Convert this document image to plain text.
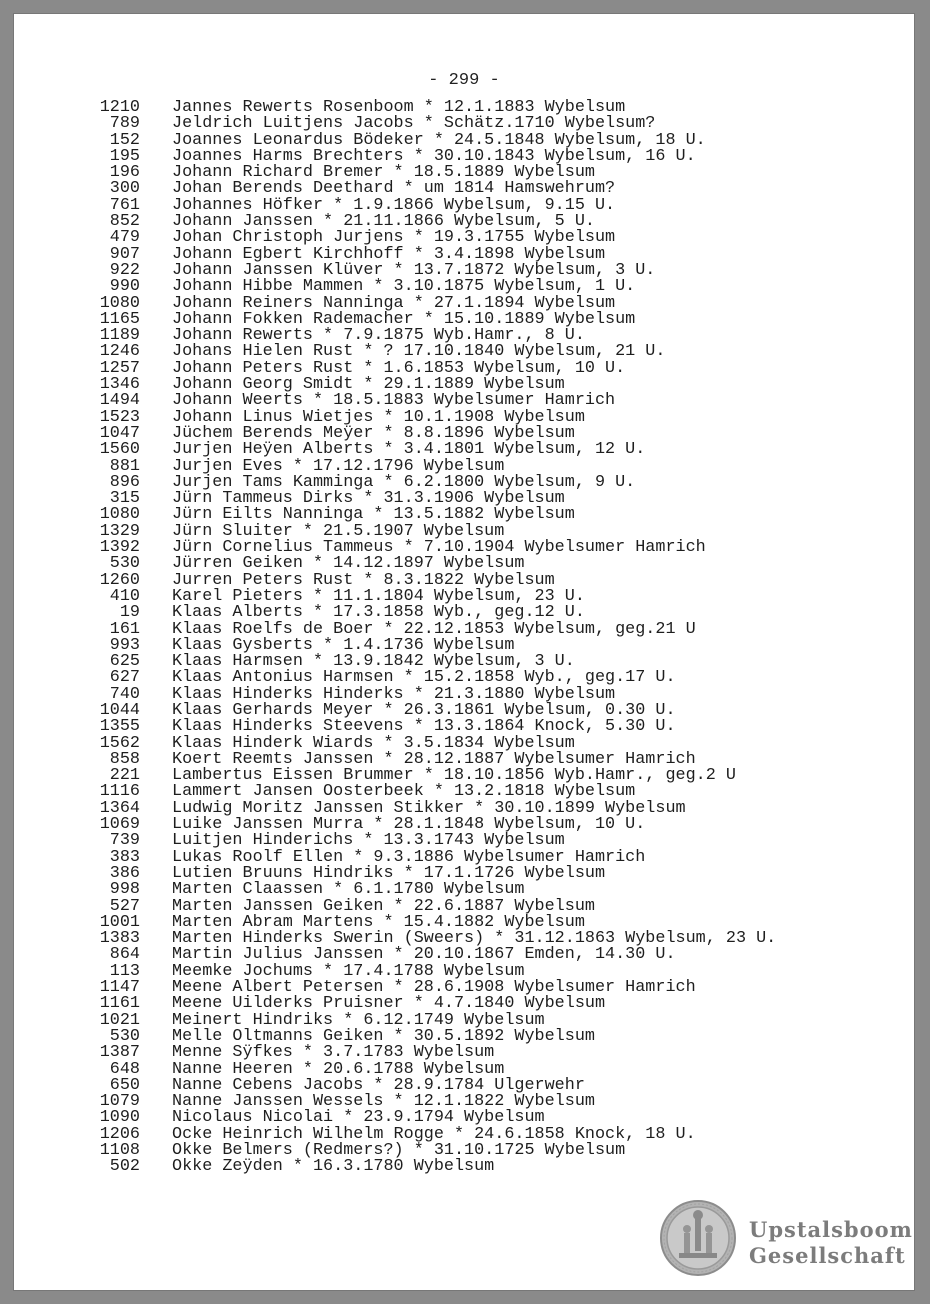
- 299 -
1210 Jannes Rewerts Rosenboom * 12.1.1883 Wybelsum
789 Jeldrich Luitjens Jacobs * Schätz.1710 Wybelsum?
152 Joannes Leonardus Bödeker * 24.5.1848 Wybelsum, 18 U.
195 Joannes Harms Brechters * 30.10.1843 Wybelsum, 16 U.
196 Johann Richard Bremer * 18.5.1889 Wybelsum
300 Johan Berends Deethard * um 1814 Hamswehrum?
761 Johannes Höfker * 1.9.1866 Wybelsum, 9.15 U.
852 Johann Janssen * 21.11.1866 Wybelsum, 5 U.
479 Johan Christoph Jurjens * 19.3.1755 Wybelsum
907 Johann Egbert Kirchhoff * 3.4.1898 Wybelsum
922 Johann Janssen Klüver * 13.7.1872 Wybelsum, 3 U.
990 Johann Hibbe Mammen * 3.10.1875 Wybelsum, 1 U.
1080 Johann Reiners Nanninga * 27.1.1894 Wybelsum
1165 Johann Fokken Rademacher * 15.10.1889 Wybelsum
1189 Johann Rewerts * 7.9.1875 Wyb.Hamr., 8 U.
1246 Johans Hielen Rust * ? 17.10.1840 Wybelsum, 21 U.
1257 Johann Peters Rust * 1.6.1853 Wybelsum, 10 U.
1346 Johann Georg Smidt * 29.1.1889 Wybelsum
1494 Johann Weerts * 18.5.1883 Wybelsumer Hamrich
1523 Johann Linus Wietjes * 10.1.1908 Wybelsum
1047 Jüchem Berends Meÿer * 8.8.1896 Wybelsum
1560 Jurjen Heÿen Alberts * 3.4.1801 Wybelsum, 12 U.
881 Jurjen Eves * 17.12.1796 Wybelsum
896 Jurjen Tams Kamminga * 6.2.1800 Wybelsum, 9 U.
315 Jürn Tammeus Dirks * 31.3.1906 Wybelsum
1080 Jürn Eilts Nanninga * 13.5.1882 Wybelsum
1329 Jürn Sluiter * 21.5.1907 Wybelsum
1392 Jürn Cornelius Tammeus * 7.10.1904 Wybelsumer Hamrich
530 Jürren Geiken * 14.12.1897 Wybelsum
1260 Jurren Peters Rust * 8.3.1822 Wybelsum
410 Karel Pieters * 11.1.1804 Wybelsum, 23 U.
19 Klaas Alberts * 17.3.1858 Wyb., geg.12 U.
161 Klaas Roelfs de Boer * 22.12.1853 Wybelsum, geg.21 U
993 Klaas Gysberts * 1.4.1736 Wybelsum
625 Klaas Harmsen * 13.9.1842 Wybelsum, 3 U.
627 Klaas Antonius Harmsen * 15.2.1858 Wyb., geg.17 U.
740 Klaas Hinderks Hinderks * 21.3.1880 Wybelsum
1044 Klaas Gerhards Meyer * 26.3.1861 Wybelsum, 0.30 U.
1355 Klaas Hinderks Steevens * 13.3.1864 Knock, 5.30 U.
1562 Klaas Hinderk Wiards * 3.5.1834 Wybelsum
858 Koert Reemts Janssen * 28.12.1887 Wybelsumer Hamrich
221 Lambertus Eissen Brummer * 18.10.1856 Wyb.Hamr., geg.2 U
1116 Lammert Jansen Oosterbeek * 13.2.1818 Wybelsum
1364 Ludwig Moritz Janssen Stikker * 30.10.1899 Wybelsum
1069 Luike Janssen Murra * 28.1.1848 Wybelsum, 10 U.
739 Luitjen Hinderichs * 13.3.1743 Wybelsum
383 Lukas Roolf Ellen * 9.3.1886 Wybelsumer Hamrich
386 Lutien Bruuns Hindriks * 17.1.1726 Wybelsum
998 Marten Claassen * 6.1.1780 Wybelsum
527 Marten Janssen Geiken * 22.6.1887 Wybelsum
1001 Marten Abram Martens * 15.4.1882 Wybelsum
1383 Marten Hinderks Swerin (Sweers) * 31.12.1863 Wybelsum, 23 U.
864 Martin Julius Janssen * 20.10.1867 Emden, 14.30 U.
113 Meemke Jochums * 17.4.1788 Wybelsum
1147 Meene Albert Petersen * 28.6.1908 Wybelsumer Hamrich
1161 Meene Uilderks Pruisner * 4.7.1840 Wybelsum
1021 Meinert Hindriks * 6.12.1749 Wybelsum
530 Melle Oltmanns Geiken * 30.5.1892 Wybelsum
1387 Menne Sÿfkes * 3.7.1783 Wybelsum
648 Nanne Heeren * 20.6.1788 Wybelsum
650 Nanne Cebens Jacobs * 28.9.1784 Ulgerwehr
1079 Nanne Janssen Wessels * 12.1.1822 Wybelsum
1090 Nicolaus Nicolai * 23.9.1794 Wybelsum
1206 Ocke Heinrich Wilhelm Rogge * 24.6.1858 Knock, 18 U.
1108 Okke Belmers (Redmers?) * 31.10.1725 Wybelsum
502 Okke Zeÿden * 16.3.1780 Wybelsum
Upstalsboom
Gesellschaft
